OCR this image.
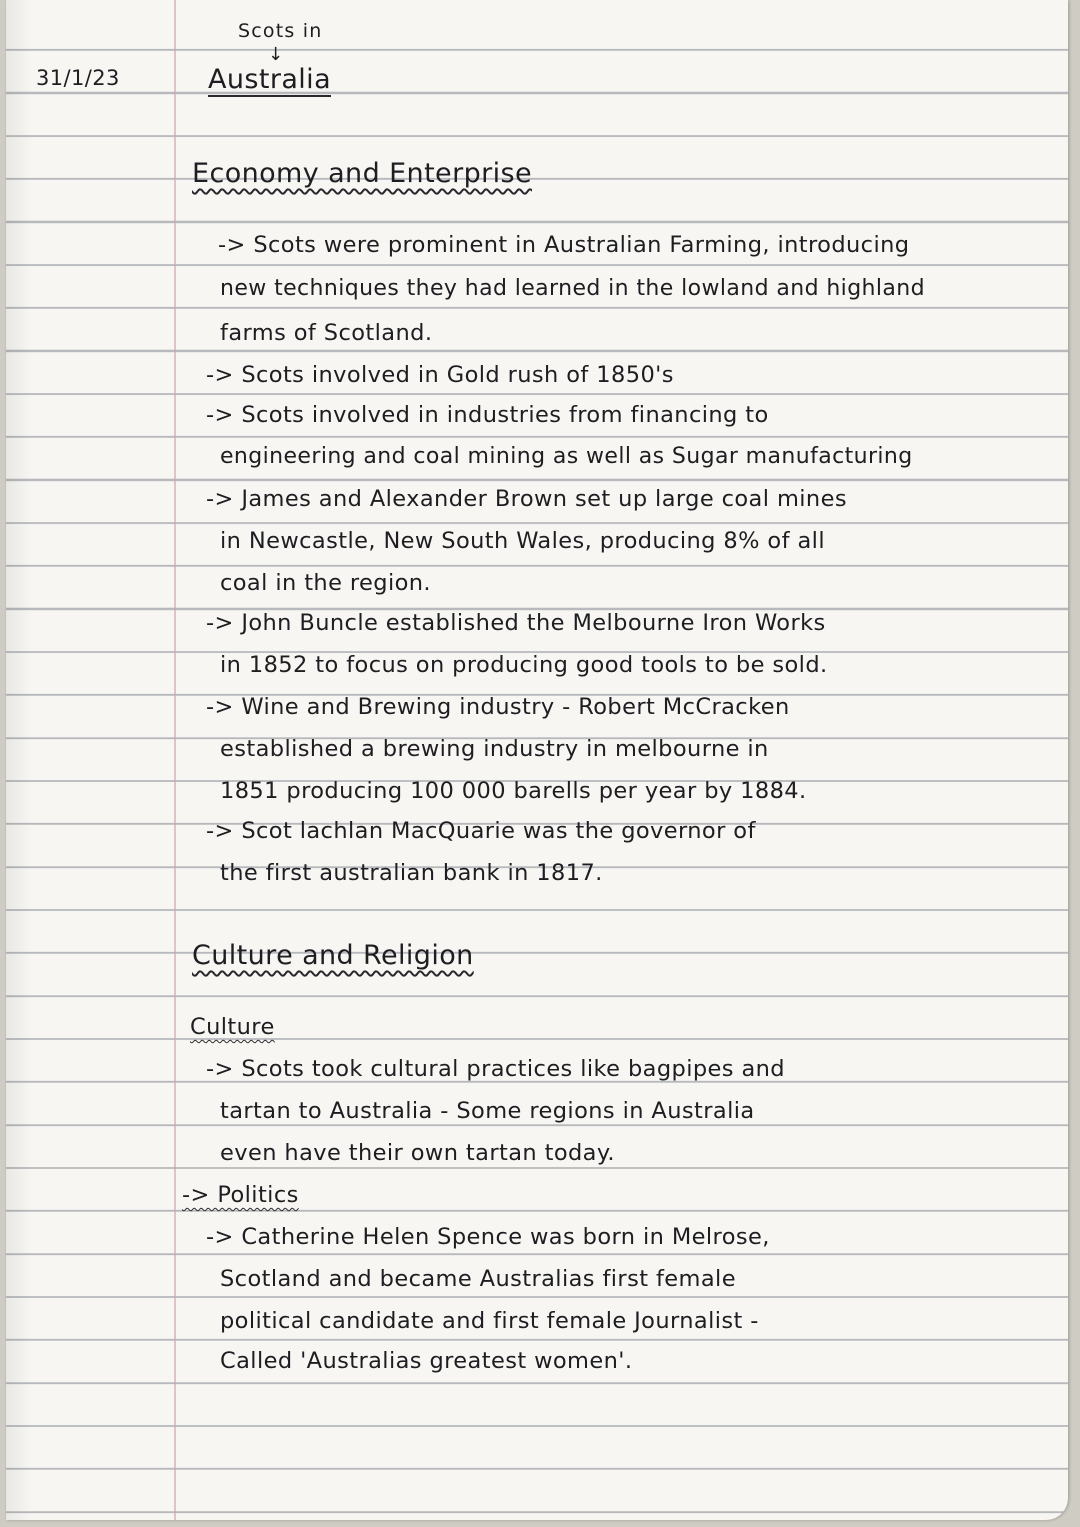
31/1/23
Scots in
↓
Australia
Economy and Enterprise
-> Scots were prominent in Australian Farming, introducing
new techniques they had learned in the lowland and highland
farms of Scotland.
-> Scots involved in Gold rush of 1850's
-> Scots involved in industries from financing to
engineering and coal mining as well as Sugar manufacturing
-> James and Alexander Brown set up large coal mines
in Newcastle, New South Wales, producing 8% of all
coal in the region.
-> John Buncle established the Melbourne Iron Works
in 1852 to focus on producing good tools to be sold.
-> Wine and Brewing industry - Robert McCracken
established a brewing industry in melbourne in
1851 producing 100 000 barells per year by 1884.
-> Scot lachlan MacQuarie was the governor of
the first australian bank in 1817.
Culture and Religion
Culture
-> Scots took cultural practices like bagpipes and
tartan to Australia - Some regions in Australia
even have their own tartan today.
-> Politics
-> Catherine Helen Spence was born in Melrose,
Scotland and became Australias first female
political candidate and first female Journalist -
Called 'Australias greatest women'.
